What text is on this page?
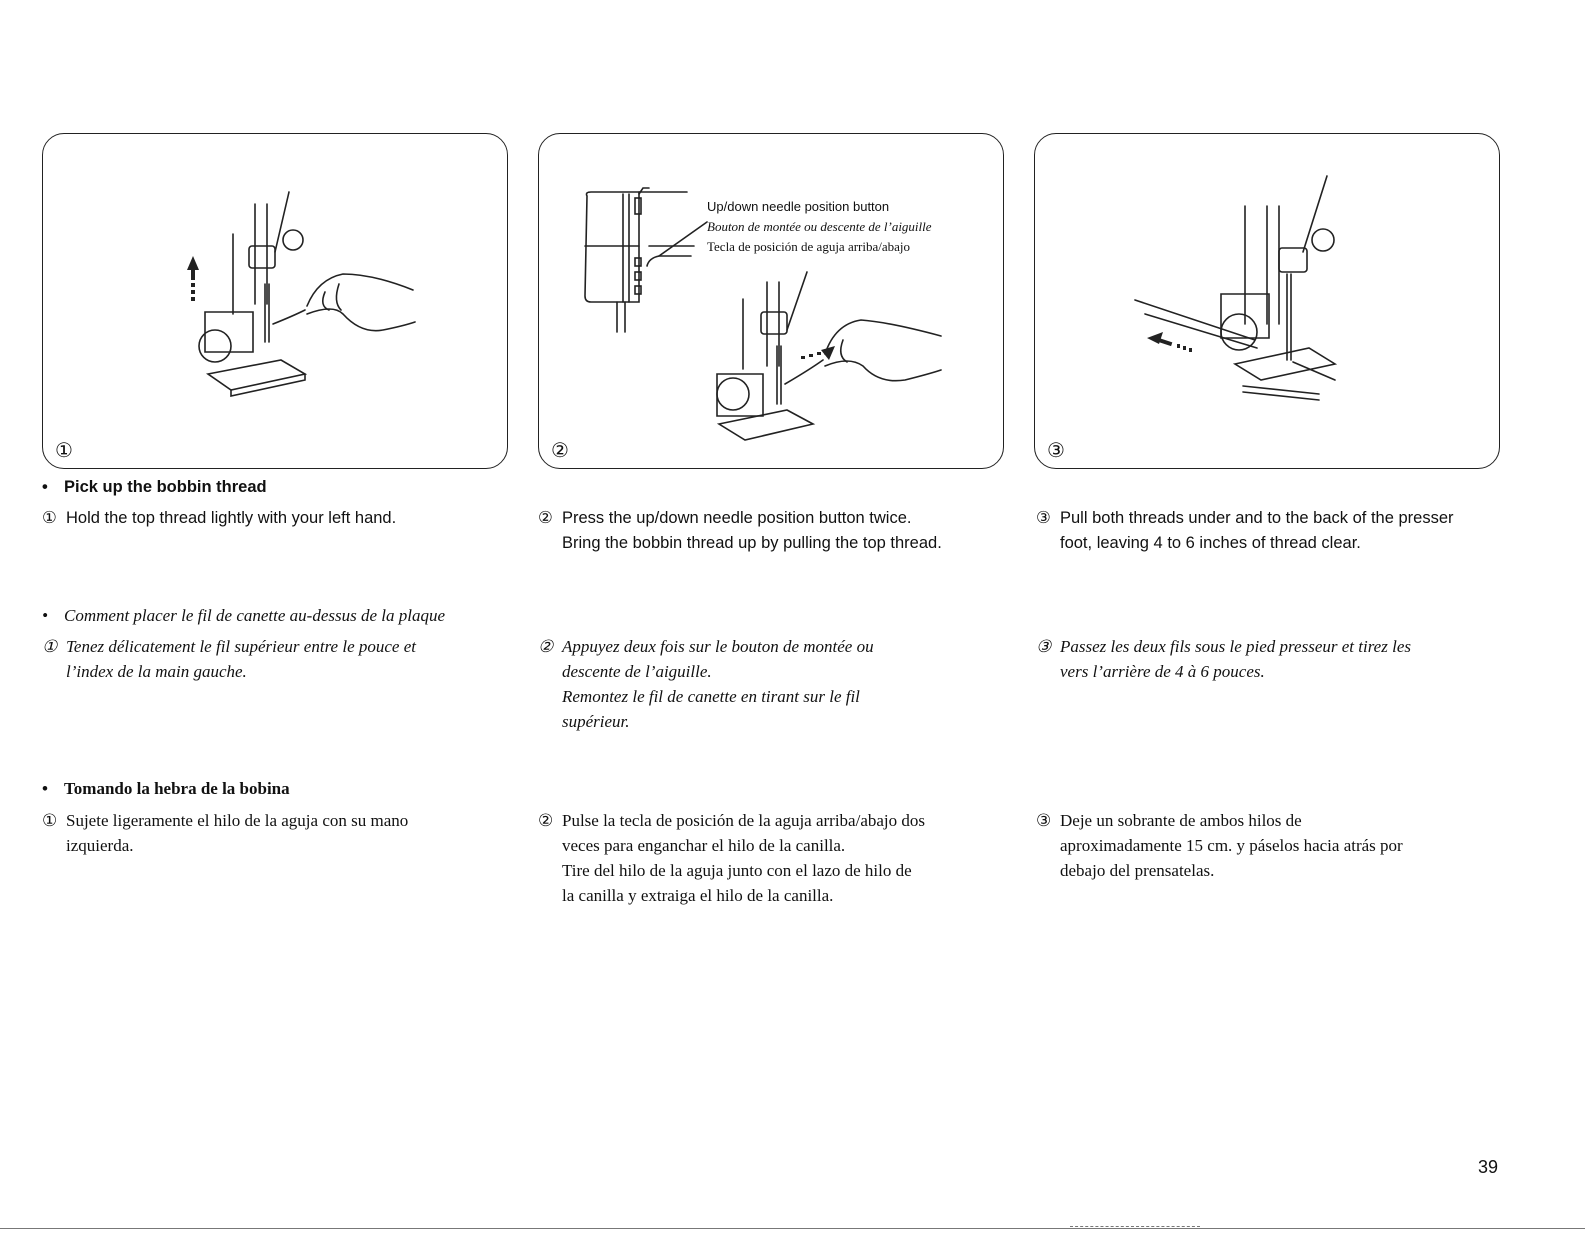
①
Up/down needle position button
Bouton de montée ou descente de l’aiguille
Tecla de posición de aguja arriba/abajo
②	③
• Pick up the bobbin thread
① Hold the top thread lightly with your left hand.	② Press the up/down needle position button twice.
Bring the bobbin thread up by pulling the top thread.
③ Pull both threads under and to the back of the presser
foot, leaving 4 to 6 inches of thread clear.
• Comment placer le fil de canette au-dessus de la plaque
① Tenez délicatement le fil supérieur entre le pouce et
l’index de la main gauche.
② Appuyez deux fois sur le bouton de montée ou
descente de l’aiguille.
Remontez le fil de canette en tirant sur le fil
supérieur.
③ Passez les deux fils sous le pied presseur et tirez les
vers l’arrière de 4 à 6 pouces.
• Tomando la hebra de la bobina
① Sujete ligeramente el hilo de la aguja con su mano
izquierda.
② Pulse la tecla de posición de la aguja arriba/abajo dos
veces para enganchar el hilo de la canilla.
Tire del hilo de la aguja junto con el lazo de hilo de
la canilla y extraiga el hilo de la canilla.
③ Deje un sobrante de ambos hilos de
aproximadamente 15 cm. y páselos hacia atrás por
debajo del prensatelas.
39
